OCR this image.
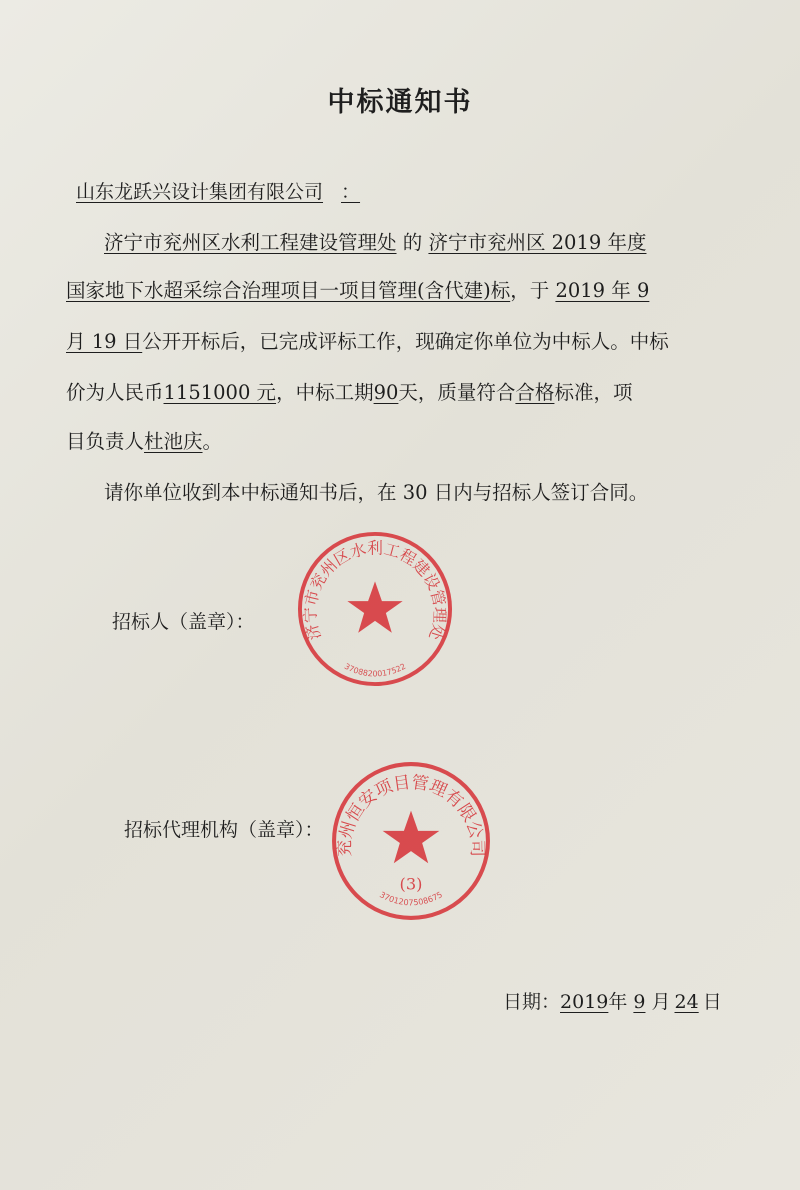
中标通知书
山东龙跃兴设计集团有限公司 ：
济宁市兖州区水利工程建设管理处 的 济宁市兖州区 2019 年度
国家地下水超采综合治理项目一项目管理(含代建)标，于 2019 年 9
月 19 日公开开标后，已完成评标工作，现确定你单位为中标人。中标
价为人民币1151000 元，中标工期90天，质量符合合格标准，项
目负责人杜池庆。
请你单位收到本中标通知书后，在 30 日内与招标人签订合同。
招标人（盖章）：	济宁市兖州区水利工程建设管理处
3708820017522
招标代理机构（盖章）：
兖州恒安项目管理有限公司
(3)
3701207508675
日期：2019年 9 月 24 日
